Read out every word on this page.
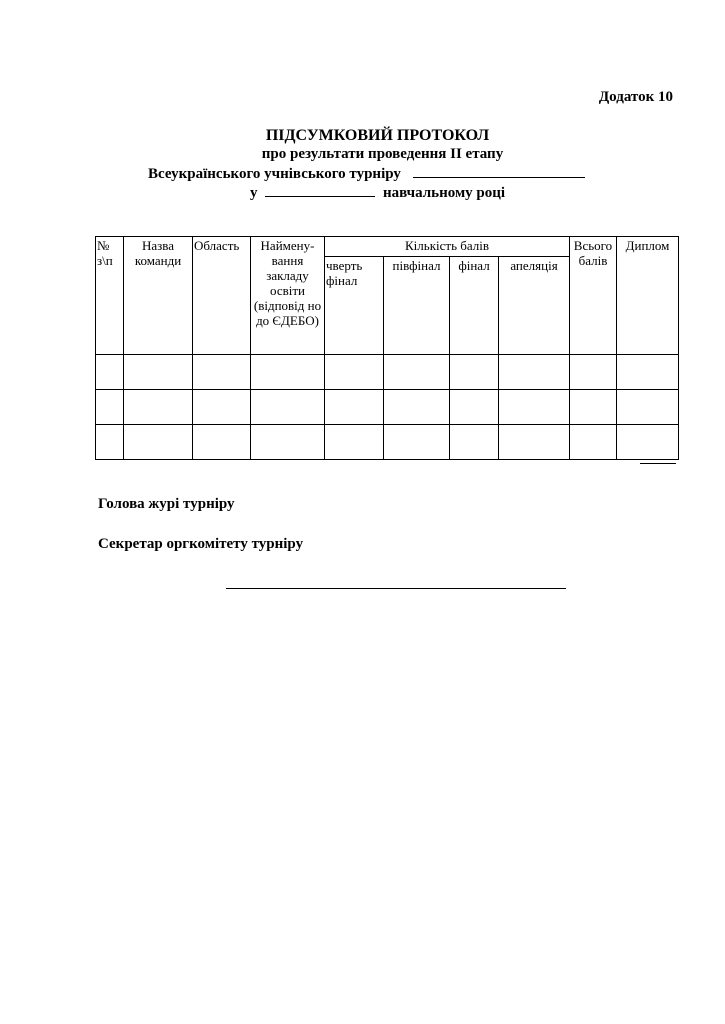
Додаток 10
ПІДСУМКОВИЙ ПРОТОКОЛ
про результати проведення ІІ етапу
Всеукраїнського учнівського турніру
у	навчальному році
№ з\п	Назва команди	Область	Наймену-вання закладу освіти (відповід но до ЄДЕБО)	Кількість балів				Всього балів	Диплом
				чверть фінал	півфінал	фінал	апеляція		

Голова журі турніру
Секретар оргкомітету турніру
